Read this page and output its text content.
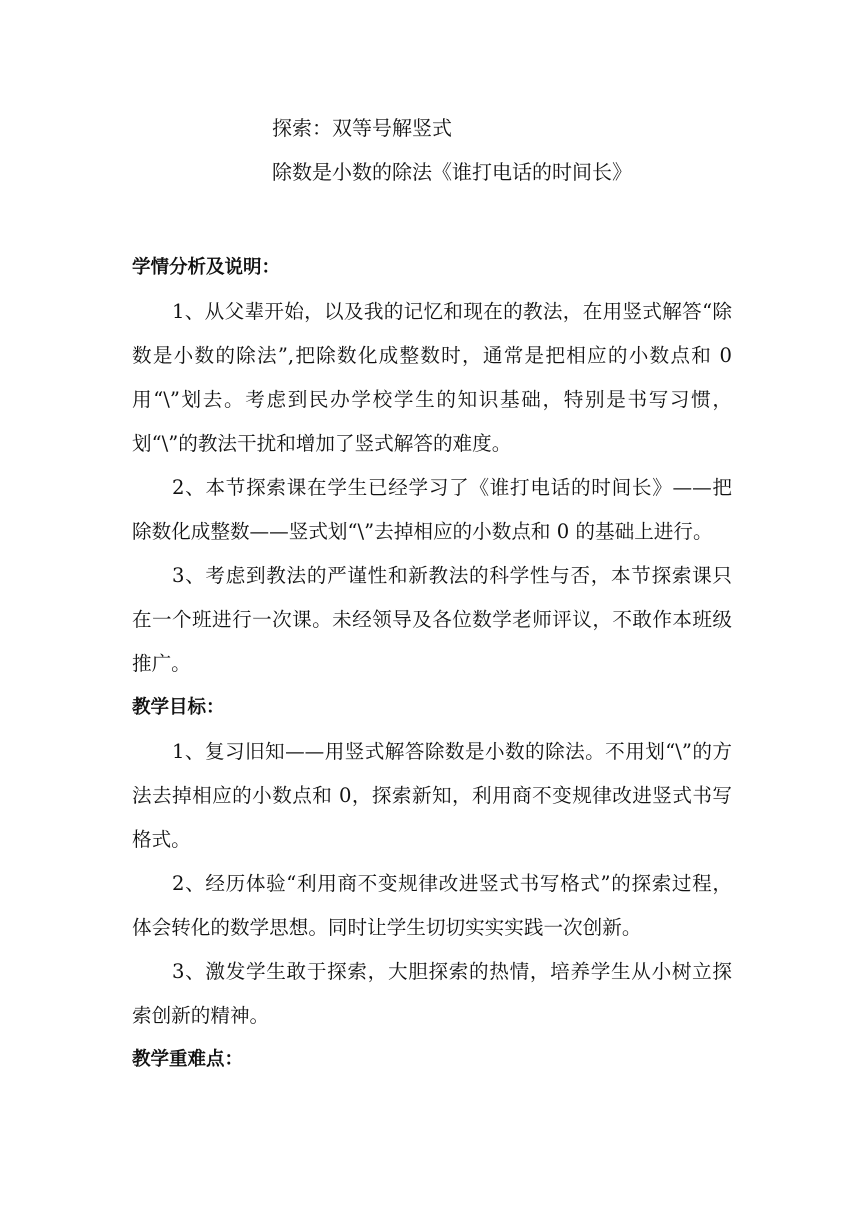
探索：双等号解竖式
除数是小数的除法《谁打电话的时间长》
学情分析及说明：

1、从父辈开始，以及我的记忆和现在的教法，在用竖式解答“除数是小数的除法”,把除数化成整数时，通常是把相应的小数点和 0 用“\”划去。考虑到民办学校学生的知识基础，特别是书写习惯，划“\”的教法干扰和增加了竖式解答的难度。

2、本节探索课在学生已经学习了《谁打电话的时间长》——把除数化成整数——竖式划“\”去掉相应的小数点和 0 的基础上进行。

3、考虑到教法的严谨性和新教法的科学性与否，本节探索课只在一个班进行一次课。未经领导及各位数学老师评议，不敢作本班级推广。

教学目标：

1、复习旧知——用竖式解答除数是小数的除法。不用划“\”的方法去掉相应的小数点和 0，探索新知，利用商不变规律改进竖式书写格式。

2、经历体验“利用商不变规律改进竖式书写格式”的探索过程，体会转化的数学思想。同时让学生切切实实实践一次创新。

3、激发学生敢于探索，大胆探索的热情，培养学生从小树立探索创新的精神。

教学重难点：
